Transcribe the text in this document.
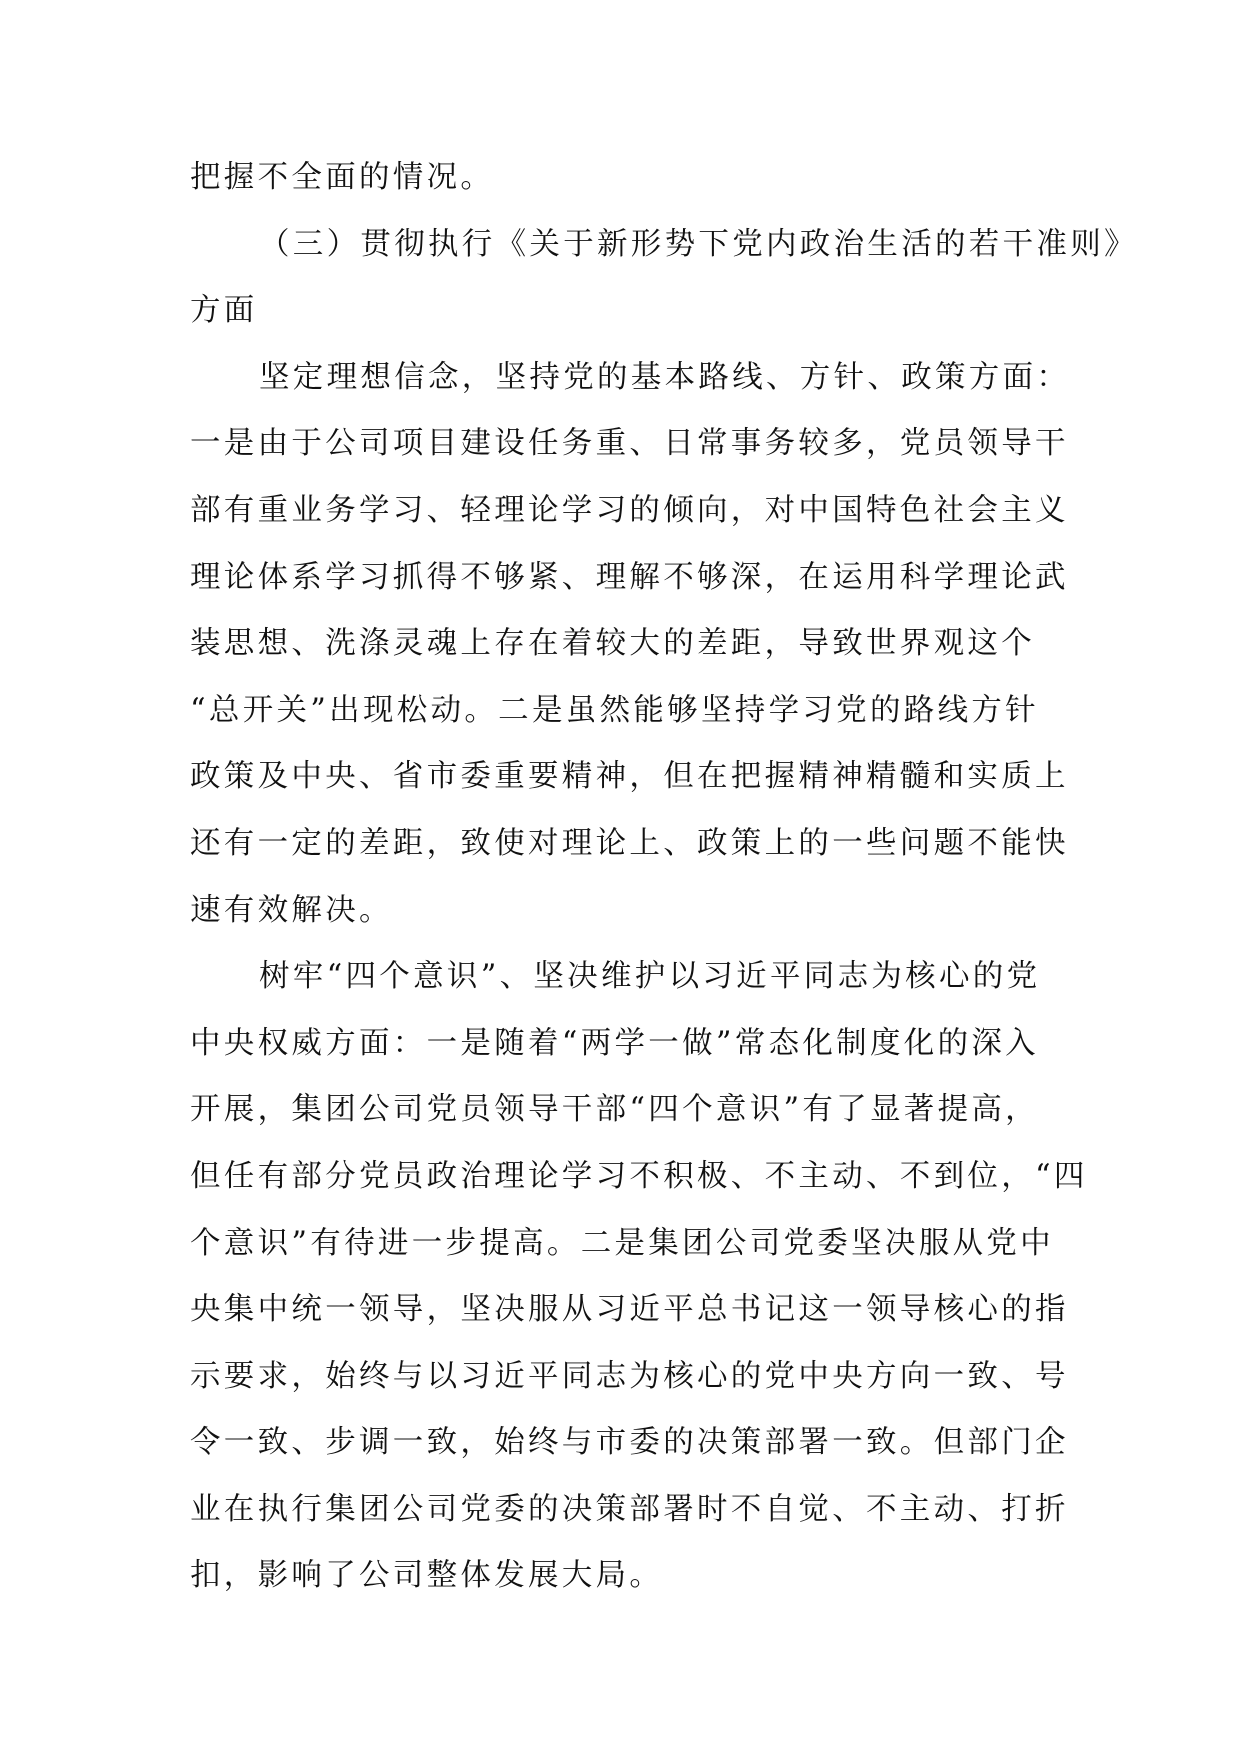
把握不全面的情况。

（三）贯彻执行《关于新形势下党内政治生活的若干准则》
方面

坚定理想信念，坚持党的基本路线、方针、政策方面：
一是由于公司项目建设任务重、日常事务较多，党员领导干
部有重业务学习、轻理论学习的倾向，对中国特色社会主义
理论体系学习抓得不够紧、理解不够深，在运用科学理论武
装思想、洗涤灵魂上存在着较大的差距，导致世界观这个
“总开关”出现松动。二是虽然能够坚持学习党的路线方针
政策及中央、省市委重要精神，但在把握精神精髓和实质上
还有一定的差距，致使对理论上、政策上的一些问题不能快
速有效解决。

树牢“四个意识”、坚决维护以习近平同志为核心的党
中央权威方面：一是随着“两学一做”常态化制度化的深入
开展，集团公司党员领导干部“四个意识”有了显著提高，
但任有部分党员政治理论学习不积极、不主动、不到位，“四
个意识”有待进一步提高。二是集团公司党委坚决服从党中
央集中统一领导，坚决服从习近平总书记这一领导核心的指
示要求，始终与以习近平同志为核心的党中央方向一致、号
令一致、步调一致，始终与市委的决策部署一致。但部门企
业在执行集团公司党委的决策部署时不自觉、不主动、打折
扣，影响了公司整体发展大局。
